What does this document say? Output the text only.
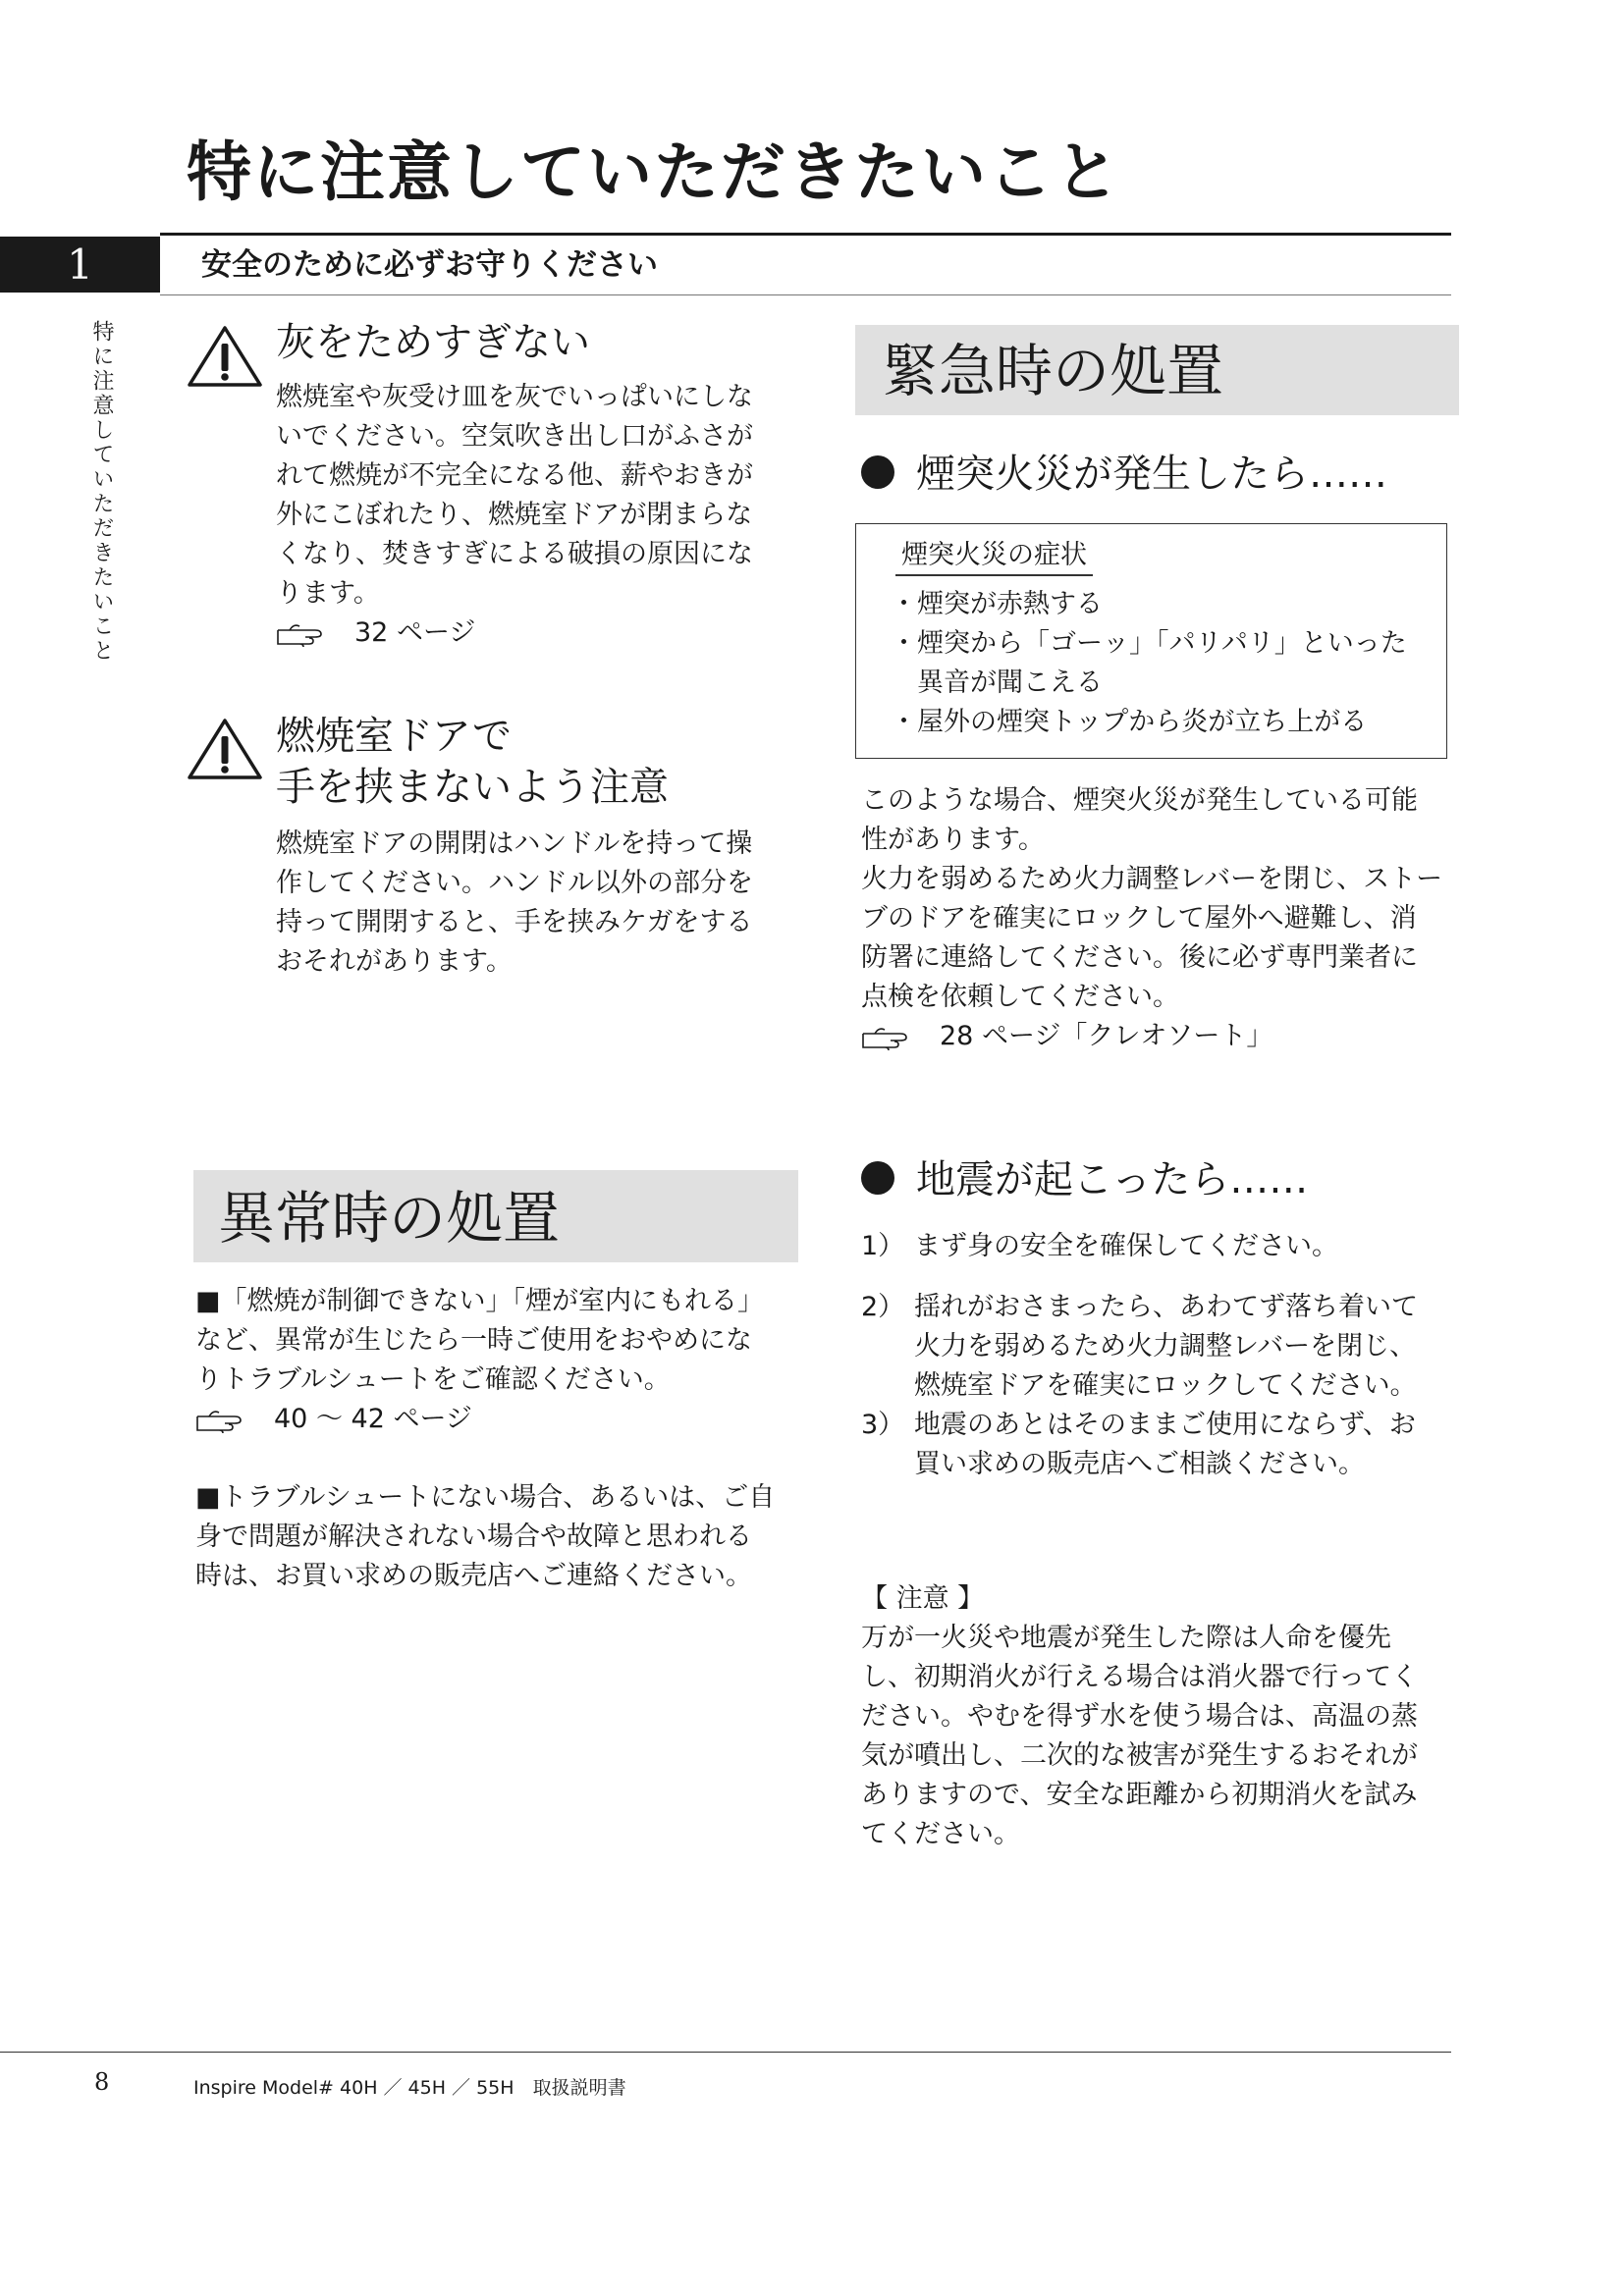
特に注意していただきたいこと
1	安全のために必ずお守りください
特に注意していただきたいこと	灰をためすぎない
燃焼室や灰受け皿を灰でいっぱいにしな
いでください。空気吹き出し口がふさが
れて燃焼が不完全になる他、薪やおきが
外にこぼれたり、燃焼室ドアが閉まらな
くなり、焚きすぎによる破損の原因にな
ります。
32 ページ
燃焼室ドアで
手を挟まないよう注意
燃焼室ドアの開閉はハンドルを持って操
作してください。ハンドル以外の部分を
持って開閉すると、手を挟みケガをする
おそれがあります。
異常時の処置
■「燃焼が制御できない」「煙が室内にもれる」
など、異常が生じたら一時ご使用をおやめにな
りトラブルシュートをご確認ください。
40 〜 42 ページ
■トラブルシュートにない場合、あるいは、ご自
身で問題が解決されない場合や故障と思われる
時は、お買い求めの販売店へご連絡ください。
緊急時の処置
煙突火災が発生したら……
煙突火災の症状
・煙突が赤熱する
・煙突から「ゴーッ」「パリパリ」といった
　異音が聞こえる
・屋外の煙突トップから炎が立ち上がる
このような場合、煙突火災が発生している可能
性があります。
火力を弱めるため火力調整レバーを閉じ、ストー
ブのドアを確実にロックして屋外へ避難し、消
防署に連絡してください。後に必ず専門業者に
点検を依頼してください。
28 ページ「クレオソート」
地震が起こったら……
1） まず身の安全を確保してください。
2） 揺れがおさまったら、あわてず落ち着いて
火力を弱めるため火力調整レバーを閉じ、
燃焼室ドアを確実にロックしてください。
3） 地震のあとはそのままご使用にならず、お
買い求めの販売店へご相談ください。
【 注意 】
万が一火災や地震が発生した際は人命を優先
し、初期消火が行える場合は消火器で行ってく
ださい。やむを得ず水を使う場合は、高温の蒸
気が噴出し、二次的な被害が発生するおそれが
ありますので、安全な距離から初期消火を試み
てください。
8	Inspire Model# 40H ／ 45H ／ 55H　取扱説明書
